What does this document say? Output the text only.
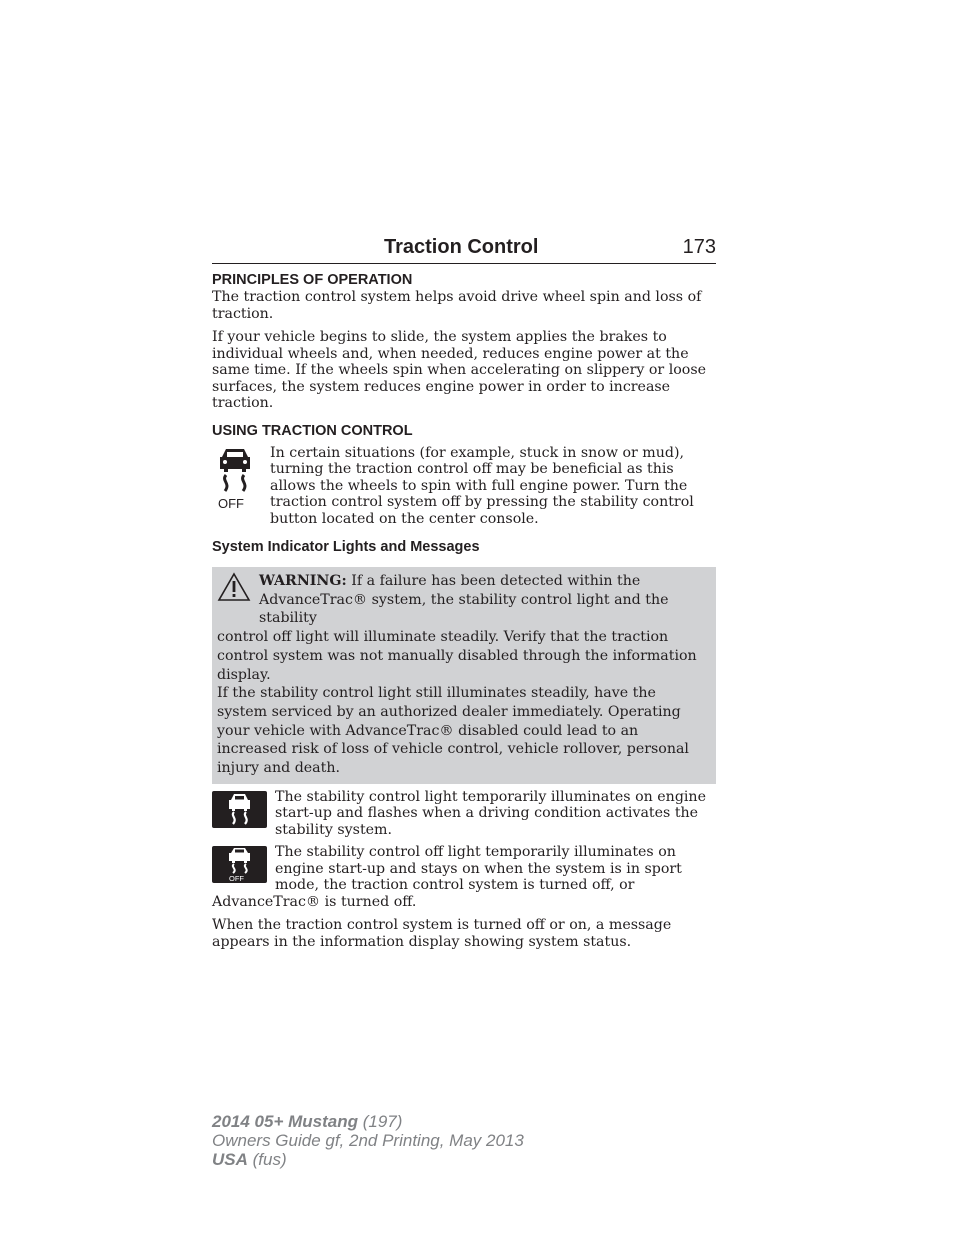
Traction Control	173
PRINCIPLES OF OPERATION

The traction control system helps avoid drive wheel spin and loss of traction.

If your vehicle begins to slide, the system applies the brakes to individual wheels and, when needed, reduces engine power at the same time. If the wheels spin when accelerating on slippery or loose surfaces, the system reduces engine power in order to increase traction.

USING TRACTION CONTROL
OFF

In certain situations (for example, stuck in snow or mud), turning the traction control off may be beneficial as this allows the wheels to spin with full engine power. Turn the traction control system off by pressing the stability control button located on the center console.

System Indicator Lights and Messages

WARNING: If a failure has been detected within the AdvanceTrac® system, the stability control light and the stability

control off light will illuminate steadily. Verify that the traction control system was not manually disabled through the information display.

If the stability control light still illuminates steadily, have the system serviced by an authorized dealer immediately. Operating your vehicle with AdvanceTrac® disabled could lead to an increased risk of loss of vehicle control, vehicle rollover, personal injury and death.

The stability control light temporarily illuminates on engine start-up and flashes when a driving condition activates the stability system.

OFF

The stability control off light temporarily illuminates on engine start-up and stays on when the system is in sport mode, the traction control system is turned off, or AdvanceTrac® is turned off.

When the traction control system is turned off or on, a message appears in the information display showing system status.

2014 05+ Mustang (197)
Owners Guide gf, 2nd Printing, May 2013
USA (fus)
